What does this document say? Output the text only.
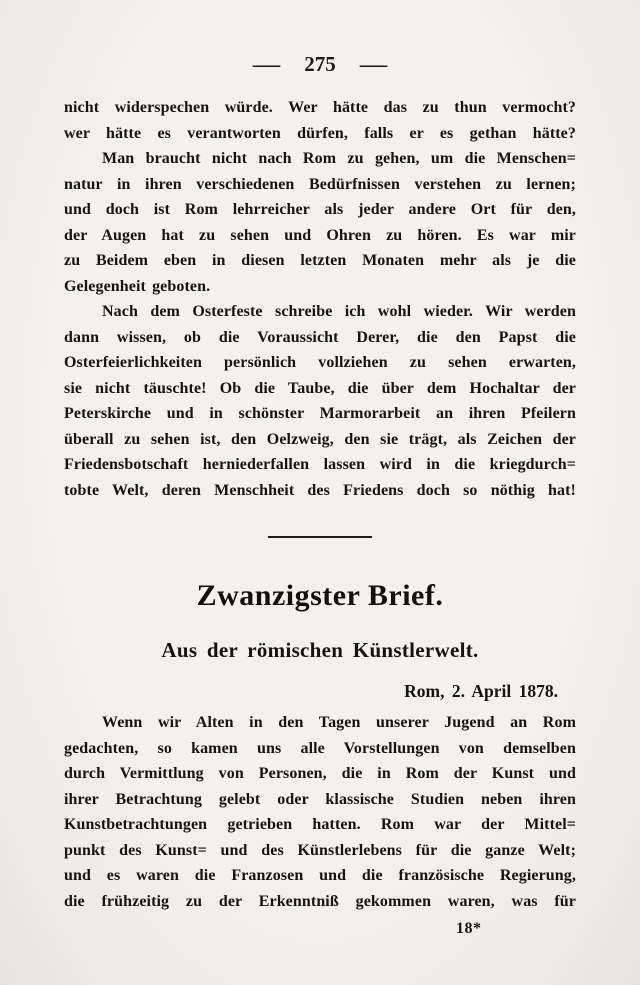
— 275 —
nicht widerspechen würde. Wer hätte das zu thun vermocht?
wer hätte es verantworten dürfen, falls er es gethan hätte?
Man braucht nicht nach Rom zu gehen, um die Menschen=
natur in ihren verschiedenen Bedürfnissen verstehen zu lernen;
und doch ist Rom lehrreicher als jeder andere Ort für den,
der Augen hat zu sehen und Ohren zu hören. Es war mir
zu Beidem eben in diesen letzten Monaten mehr als je die
Gelegenheit geboten.
Nach dem Osterfeste schreibe ich wohl wieder. Wir werden
dann wissen, ob die Voraussicht Derer, die den Papst die
Osterfeierlichkeiten persönlich vollziehen zu sehen erwarten,
sie nicht täuschte! Ob die Taube, die über dem Hochaltar der
Peterskirche und in schönster Marmorarbeit an ihren Pfeilern
überall zu sehen ist, den Oelzweig, den sie trägt, als Zeichen der
Friedensbotschaft herniederfallen lassen wird in die kriegdurch=
tobte Welt, deren Menschheit des Friedens doch so nöthig hat!
Zwanzigster Brief.
Aus der römischen Künstlerwelt.
Rom, 2. April 1878.
Wenn wir Alten in den Tagen unserer Jugend an Rom
gedachten, so kamen uns alle Vorstellungen von demselben
durch Vermittlung von Personen, die in Rom der Kunst und
ihrer Betrachtung gelebt oder klassische Studien neben ihren
Kunstbetrachtungen getrieben hatten. Rom war der Mittel=
punkt des Kunst= und des Künstlerlebens für die ganze Welt;
und es waren die Franzosen und die französische Regierung,
die frühzeitig zu der Erkenntniß gekommen waren, was für
18*
